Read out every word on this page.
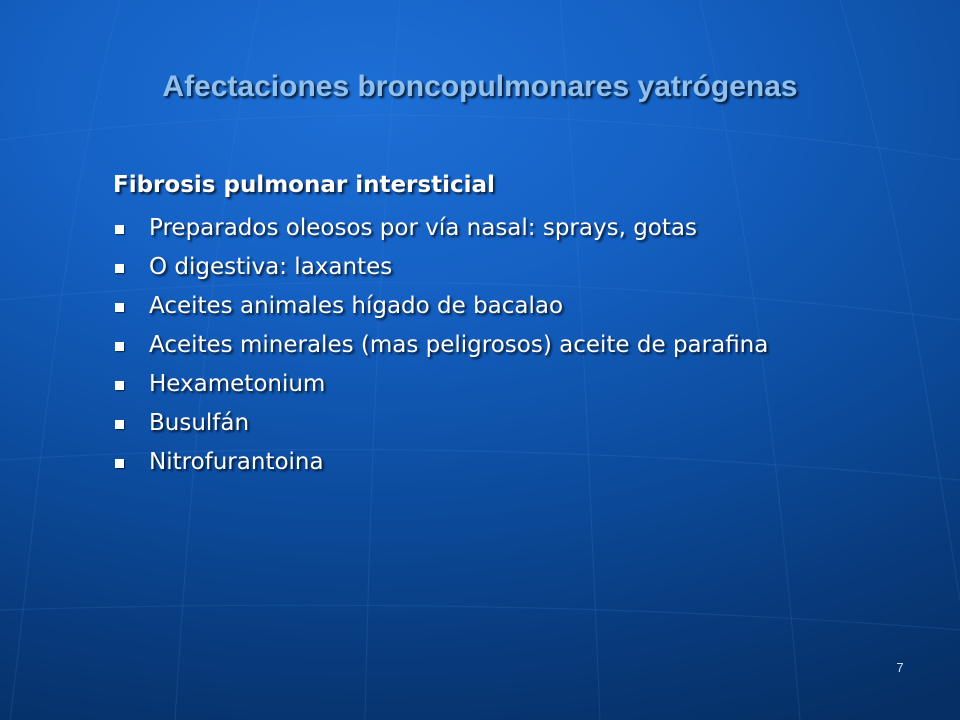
Afectaciones broncopulmonares yatrógenas
Fibrosis pulmonar intersticial
Preparados oleosos por vía nasal: sprays, gotas
O digestiva: laxantes
Aceites animales hígado de bacalao
Aceites minerales (mas peligrosos) aceite de parafina
Hexametonium
Busulfán
Nitrofurantoina
7
